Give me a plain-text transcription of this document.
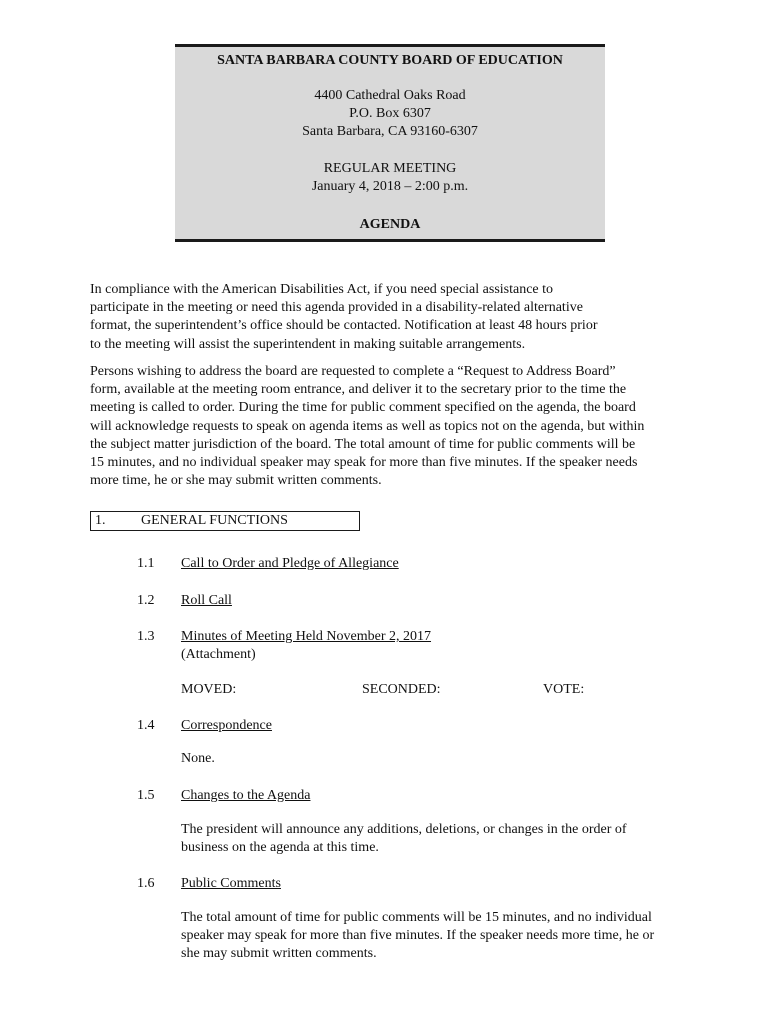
SANTA BARBARA COUNTY BOARD OF EDUCATION
4400 Cathedral Oaks Road
P.O. Box 6307
Santa Barbara, CA 93160-6307
REGULAR MEETING
January 4, 2018 – 2:00 p.m.
AGENDA
In compliance with the American Disabilities Act, if you need special assistance to
participate in the meeting or need this agenda provided in a disability-related alternative
format, the superintendent’s office should be contacted. Notification at least 48 hours prior
to the meeting will assist the superintendent in making suitable arrangements.
Persons wishing to address the board are requested to complete a “Request to Address Board”
form, available at the meeting room entrance, and deliver it to the secretary prior to the time the
meeting is called to order. During the time for public comment specified on the agenda, the board
will acknowledge requests to speak on agenda items as well as topics not on the agenda, but within
the subject matter jurisdiction of the board. The total amount of time for public comments will be
15 minutes, and no individual speaker may speak for more than five minutes. If the speaker needs
more time, he or she may submit written comments.
1.	GENERAL FUNCTIONS
1.1 Call to Order and Pledge of Allegiance
1.2 Roll Call
1.3 Minutes of Meeting Held November 2, 2017
(Attachment)
MOVED:	SECONDED:	VOTE:
1.4 Correspondence
None.
1.5 Changes to the Agenda
The president will announce any additions, deletions, or changes in the order of
business on the agenda at this time.
1.6 Public Comments
The total amount of time for public comments will be 15 minutes, and no individual
speaker may speak for more than five minutes. If the speaker needs more time, he or
she may submit written comments.
